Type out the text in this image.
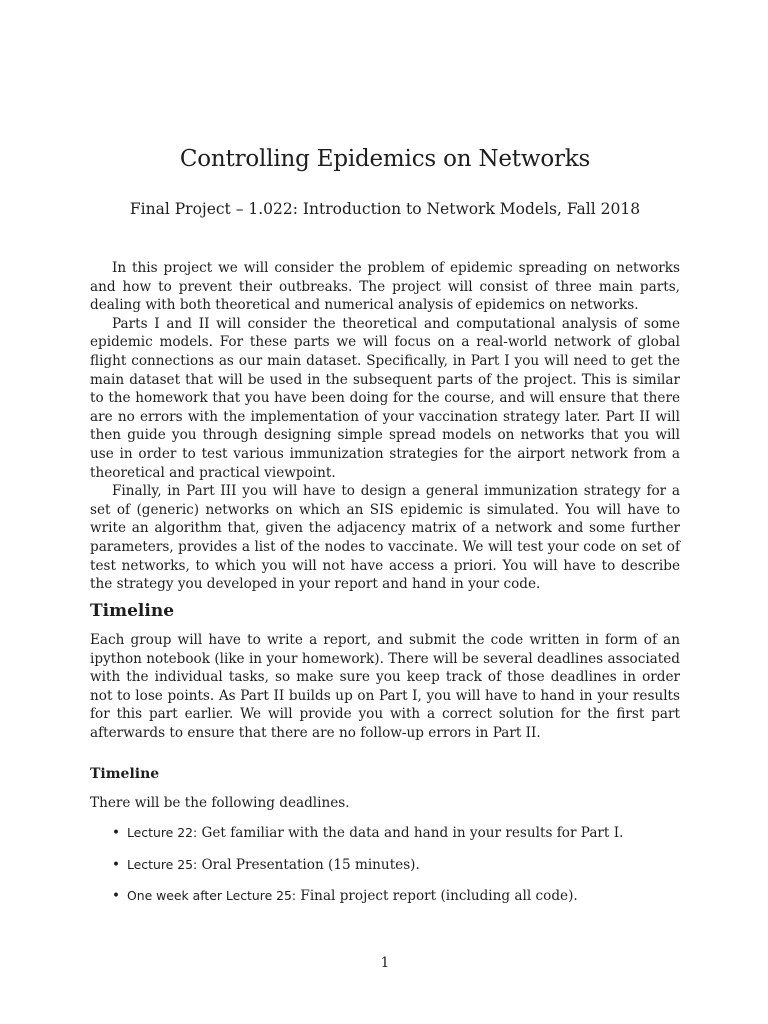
Controlling Epidemics on Networks

Final Project – 1.022: Introduction to Network Models, Fall 2018

In this project we will consider the problem of epidemic spreading on networks and how to prevent their outbreaks. The project will consist of three main parts, dealing with both theoretical and numerical analysis of epidemics on networks.

Parts I and II will consider the theoretical and computational analysis of some epidemic models. For these parts we will focus on a real-world network of global flight connections as our main dataset. Specifically, in Part I you will need to get the main dataset that will be used in the subsequent parts of the project. This is similar to the homework that you have been doing for the course, and will ensure that there are no errors with the implementation of your vaccination strategy later. Part II will then guide you through designing simple spread models on networks that you will use in order to test various immunization strategies for the airport network from a theoretical and practical viewpoint.

Finally, in Part III you will have to design a general immunization strategy for a set of (generic) networks on which an SIS epidemic is simulated. You will have to write an algorithm that, given the adjacency matrix of a network and some further parameters, provides a list of the nodes to vaccinate. We will test your code on set of test networks, to which you will not have access a priori. You will have to describe the strategy you developed in your report and hand in your code.

Timeline

Each group will have to write a report, and submit the code written in form of an ipython notebook (like in your homework). There will be several deadlines associated with the individual tasks, so make sure you keep track of those deadlines in order not to lose points. As Part II builds up on Part I, you will have to hand in your results for this part earlier. We will provide you with a correct solution for the first part afterwards to ensure that there are no follow-up errors in Part II.

Timeline

There will be the following deadlines.

• Lecture 22: Get familiar with the data and hand in your results for Part I.
• Lecture 25: Oral Presentation (15 minutes).
• One week after Lecture 25: Final project report (including all code).
1
